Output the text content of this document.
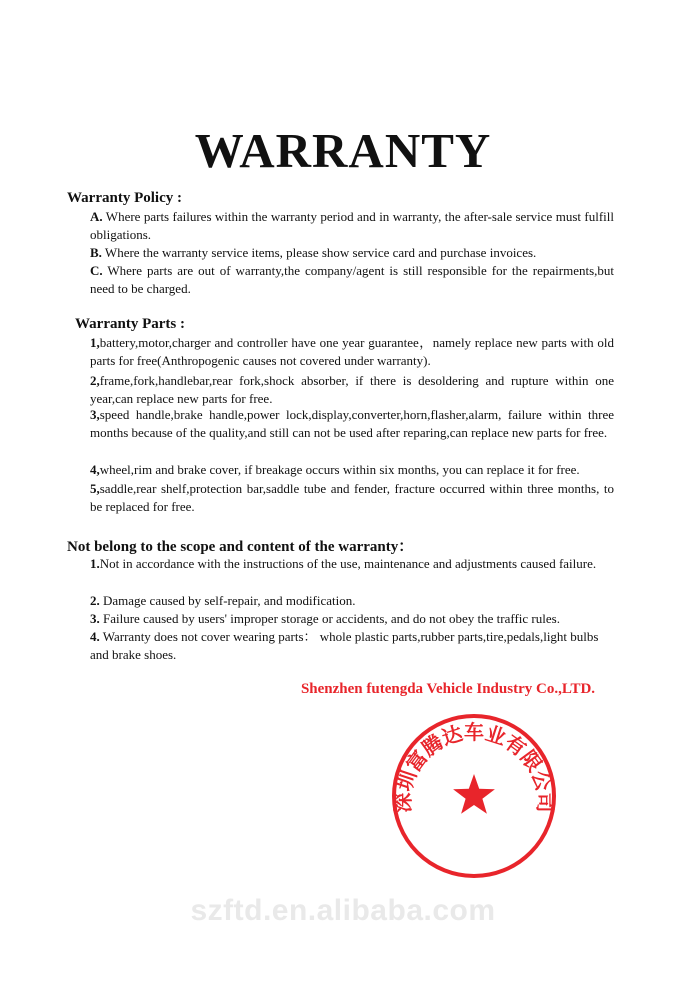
WARRANTY
Warranty Policy :
A. Where parts failures within the warranty period and in warranty, the after-sale service must fulfill obligations.
B. Where the warranty service items, please show service card and purchase invoices.
C. Where parts are out of warranty,the company/agent is still responsible for the repairments,but need to be charged.
Warranty Parts :
1,battery,motor,charger and controller have one year guarantee，namely replace new parts with old parts for free(Anthropogenic causes not covered under warranty).
2,frame,fork,handlebar,rear fork,shock absorber, if there is desoldering and rupture within one year,can replace new parts for free.
3,speed handle,brake handle,power lock,display,converter,horn,flasher,alarm, failure within three months because of the quality,and still can not be used after reparing,can replace new parts for free.
4,wheel,rim and brake cover, if breakage occurs within six months, you can replace it for free.
5,saddle,rear shelf,protection bar,saddle tube and fender, fracture occurred within three months, to be replaced for free.
Not belong to the scope and content of the warranty：
1.Not in accordance with the instructions of the use, maintenance and adjustments caused failure.
2. Damage caused by self-repair, and modification.
3. Failure caused by users' improper storage or accidents, and do not obey the traffic rules.
4. Warranty does not cover wearing parts： whole plastic parts,rubber parts,tire,pedals,light bulbs and brake shoes.
Shenzhen futengda Vehicle Industry Co.,LTD.
深圳富腾达车业有限公司
szftd.en.alibaba.com
